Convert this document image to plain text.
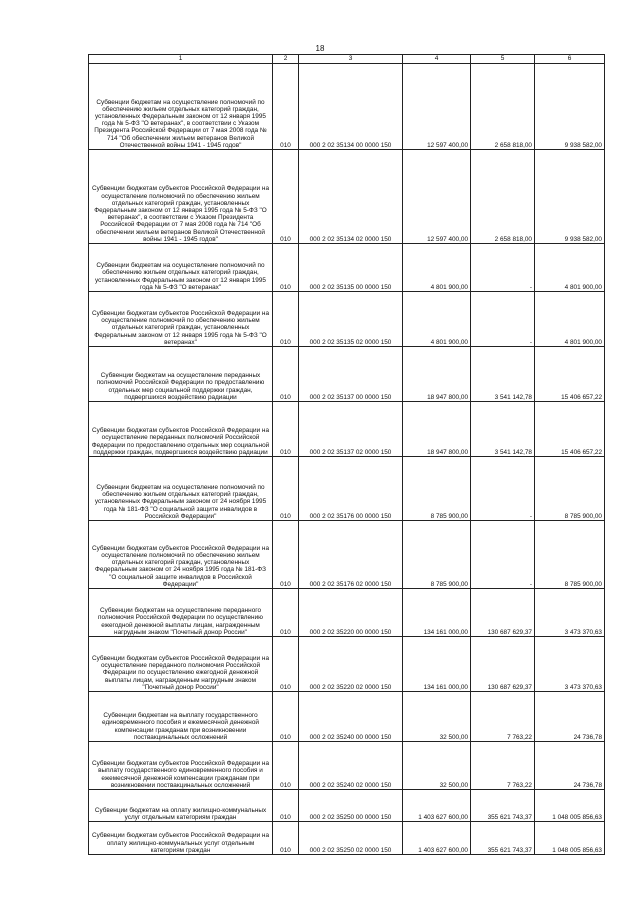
18
1	2	3	4	5	6
Субвенции бюджетам на осуществление полномочий по обеспечению жильем отдельных категорий граждан, установленных Федеральным законом от 12 января 1995 года № 5-ФЗ "О ветеранах", в соответствии с Указом Президента Российской Федерации от 7 мая 2008 года № 714 "Об обеспечении жильем ветеранов Великой Отечественной войны 1941 - 1945 годов"	010	000 2 02 35134 00 0000 150	12 597 400,00	2 658 818,00	9 938 582,00
Субвенции бюджетам субъектов Российской Федерации на осуществление полномочий по обеспечению жильем отдельных категорий граждан, установленных Федеральным законом от 12 января 1995 года № 5-ФЗ "О ветеранах", в соответствии с Указом Президента Российской Федерации от 7 мая 2008 года № 714 "Об обеспечении жильем ветеранов Великой Отечественной войны 1941 - 1945 годов"	010	000 2 02 35134 02 0000 150	12 597 400,00	2 658 818,00	9 938 582,00
Субвенции бюджетам на осуществление полномочий по обеспечению жильем отдельных категорий граждан, установленных Федеральным законом от 12 января 1995 года № 5-ФЗ "О ветеранах"	010	000 2 02 35135 00 0000 150	4 801 900,00	-	4 801 900,00
Субвенции бюджетам субъектов Российской Федерации на осуществление полномочий по обеспечению жильем отдельных категорий граждан, установленных Федеральным законом от 12 января 1995 года № 5-ФЗ "О ветеранах"	010	000 2 02 35135 02 0000 150	4 801 900,00	-	4 801 900,00
Субвенции бюджетам на осуществление переданных полномочий Российской Федерации по предоставлению отдельных мер социальной поддержки граждан, подвергшихся воздействию радиации	010	000 2 02 35137 00 0000 150	18 947 800,00	3 541 142,78	15 406 657,22
Субвенции бюджетам субъектов Российской Федерации на осуществление переданных полномочий Российской Федерации по предоставлению отдельных мер социальной поддержки граждан, подвергшихся воздействию радиации	010	000 2 02 35137 02 0000 150	18 947 800,00	3 541 142,78	15 406 657,22
Субвенции бюджетам на осуществление полномочий по обеспечению жильем отдельных категорий граждан, установленных Федеральным законом от 24 ноября 1995 года № 181-ФЗ "О социальной защите инвалидов в Российской Федерации"	010	000 2 02 35176 00 0000 150	8 785 900,00	-	8 785 900,00
Субвенции бюджетам субъектов Российской Федерации на осуществление полномочий по обеспечению жильем отдельных категорий граждан, установленных Федеральным законом от 24 ноября 1995 года № 181-ФЗ "О социальной защите инвалидов в Российской Федерации"	010	000 2 02 35176 02 0000 150	8 785 900,00	-	8 785 900,00
Субвенции бюджетам на осуществление переданного полномочия Российской Федерации по осуществлению ежегодной денежной выплаты лицам, награжденным нагрудным знаком "Почетный донор России"	010	000 2 02 35220 00 0000 150	134 161 000,00	130 687 629,37	3 473 370,63
Субвенции бюджетам субъектов Российской Федерации на осуществление переданного полномочия Российской Федерации по осуществлению ежегодной денежной выплаты лицам, награжденным нагрудным знаком "Почетный донор России"	010	000 2 02 35220 02 0000 150	134 161 000,00	130 687 629,37	3 473 370,63
Субвенции бюджетам на выплату государственного единовременного пособия и ежемесячной денежной компенсации гражданам при возникновении поствакцинальных осложнений	010	000 2 02 35240 00 0000 150	32 500,00	7 763,22	24 736,78
Субвенции бюджетам субъектов Российской Федерации на выплату государственного единовременного пособия и ежемесячной денежной компенсации гражданам при возникновении поствакцинальных осложнений	010	000 2 02 35240 02 0000 150	32 500,00	7 763,22	24 736,78
Субвенции бюджетам на оплату жилищно-коммунальных услуг отдельным категориям граждан	010	000 2 02 35250 00 0000 150	1 403 627 600,00	355 621 743,37	1 048 005 856,63
Субвенции бюджетам субъектов Российской Федерации на оплату жилищно-коммунальных услуг отдельным категориям граждан	010	000 2 02 35250 02 0000 150	1 403 627 600,00	355 621 743,37	1 048 005 856,63
